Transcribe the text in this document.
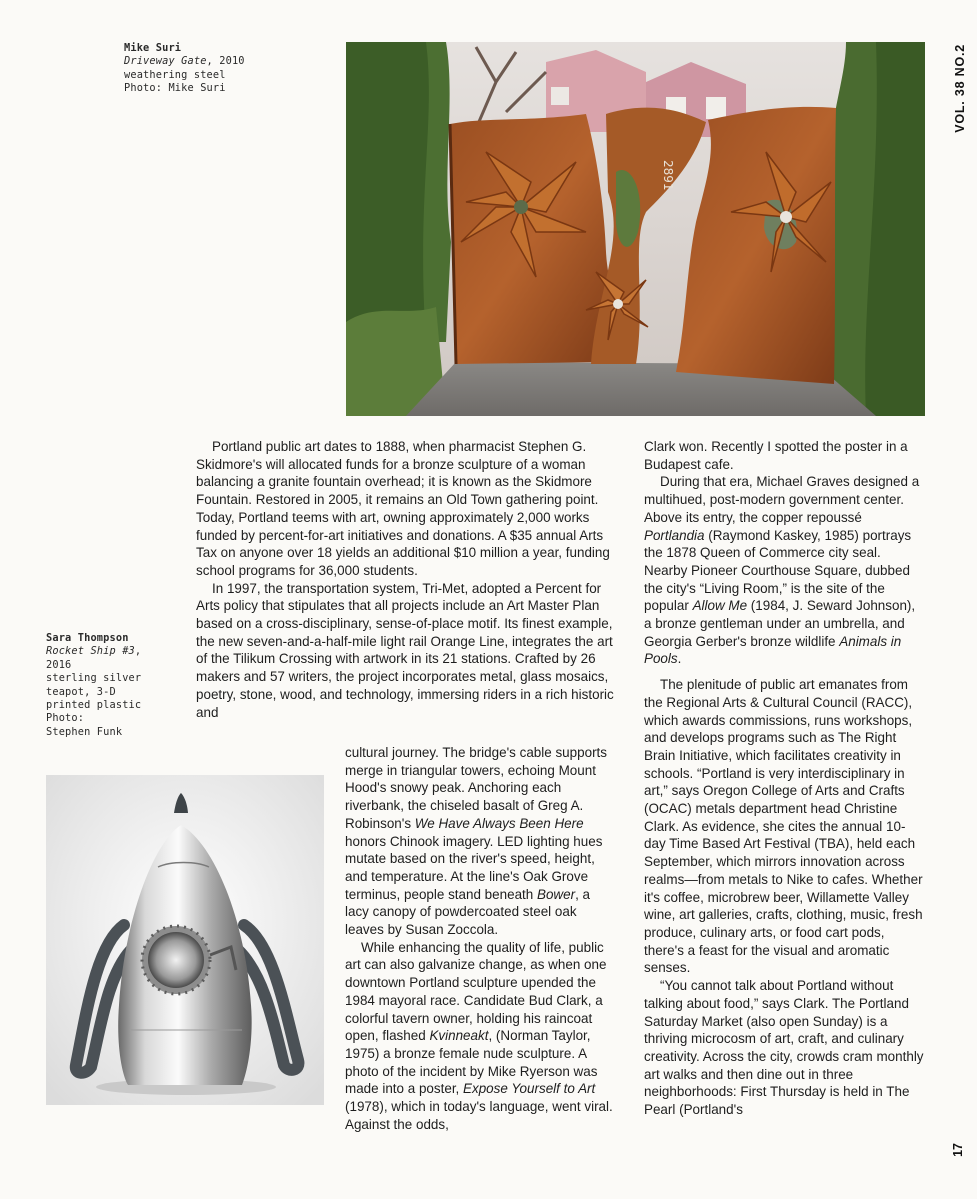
VOL. 38 NO.2
17
Mike Suri
Driveway Gate, 2010
weathering steel
Photo: Mike Suri
2891
Sara Thompson
Rocket Ship #3,
2016
sterling silver
teapot, 3-D
printed plastic
Photo:
Stephen Funk

Portland public art dates to 1888, when pharmacist Stephen G. Skidmore's will allocated funds for a bronze sculpture of a woman balancing a granite fountain overhead; it is known as the Skidmore Fountain. Restored in 2005, it remains an Old Town gathering point. Today, Portland teems with art, owning approximately 2,000 works funded by percent-for-art initiatives and donations. A $35 annual Arts Tax on anyone over 18 yields an additional $10 million a year, funding school programs for 36,000 students.

In 1997, the transportation system, Tri-Met, adopted a Percent for Arts policy that stipulates that all projects include an Art Master Plan based on a cross-disciplinary, sense-of-place motif. Its finest example, the new seven-and-a-half-mile light rail Orange Line, integrates the art of the Tilikum Crossing with artwork in its 21 stations. Crafted by 26 makers and 57 writers, the project incorporates metal, glass mosaics, poetry, stone, wood, and technology, immersing riders in a rich historic and

cultural journey. The bridge's cable supports merge in triangular towers, echoing Mount Hood's snowy peak. Anchoring each riverbank, the chiseled basalt of Greg A. Robinson's We Have Always Been Here honors Chinook imagery. LED lighting hues mutate based on the river's speed, height, and temperature. At the line's Oak Grove terminus, people stand beneath Bower, a lacy canopy of powdercoated steel oak leaves by Susan Zoccola.

While enhancing the quality of life, public art can also galvanize change, as when one downtown Portland sculpture upended the 1984 mayoral race. Candidate Bud Clark, a colorful tavern owner, holding his raincoat open, flashed Kvinneakt, (Norman Taylor, 1975) a bronze female nude sculpture. A photo of the incident by Mike Ryerson was made into a poster, Expose Yourself to Art (1978), which in today's language, went viral. Against the odds,

Clark won. Recently I spotted the poster in a Budapest cafe.

During that era, Michael Graves designed a multihued, post-modern government center. Above its entry, the copper repoussé Portlandia (Raymond Kaskey, 1985) portrays the 1878 Queen of Commerce city seal. Nearby Pioneer Courthouse Square, dubbed the city's “Living Room,” is the site of the popular Allow Me (1984, J. Seward Johnson), a bronze gentleman under an umbrella, and Georgia Gerber's bronze wildlife Animals in Pools.

The plenitude of public art emanates from the Regional Arts & Cultural Council (RACC), which awards commissions, runs workshops, and develops programs such as The Right Brain Initiative, which facilitates creativity in schools. “Portland is very interdisciplinary in art,” says Oregon College of Arts and Crafts (OCAC) metals department head Christine Clark. As evidence, she cites the annual 10-day Time Based Art Festival (TBA), held each September, which mirrors innovation across realms—from metals to Nike to cafes. Whether it's coffee, microbrew beer, Willamette Valley wine, art galleries, crafts, clothing, music, fresh produce, culinary arts, or food cart pods, there's a feast for the visual and aromatic senses.

“You cannot talk about Portland without talking about food,” says Clark. The Portland Saturday Market (also open Sunday) is a thriving microcosm of art, craft, and culinary creativity. Across the city, crowds cram monthly art walks and then dine out in three neighborhoods: First Thursday is held in The Pearl (Portland's
